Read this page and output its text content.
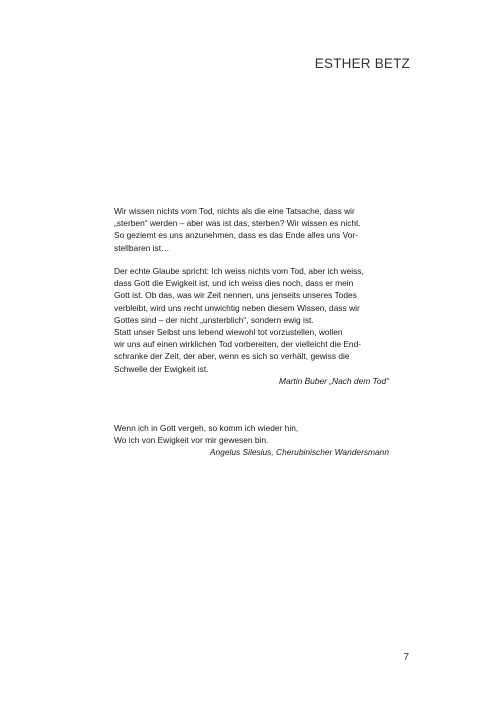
ESTHER BETZ
Wir wissen nichts vom Tod, nichts als die eine Tatsache, dass wir
„sterben“ werden – aber was ist das, sterben? Wir wissen es nicht.
So geziemt es uns anzunehmen, dass es das Ende alles uns Vor-
stellbaren ist…
Der echte Glaube spricht: Ich weiss nichts vom Tod, aber ich weiss,
dass Gott die Ewigkeit ist, und ich weiss dies noch, dass er mein
Gott ist. Ob das, was wir Zeit nennen, uns jenseits unseres Todes
verbleibt, wird uns recht unwichtig neben diesem Wissen, dass wir
Gottes sind – der nicht „unsterblich“, sondern ewig ist.
Statt unser Selbst uns lebend wiewohl tot vorzustellen, wollen
wir uns auf einen wirklichen Tod vorbereiten, der vielleicht die End-
schranke der Zeit, der aber, wenn es sich so verhält, gewiss die
Schwelle der Ewigkeit ist.
Martin Buber „Nach dem Tod“
Wenn ich in Gott vergeh, so komm ich wieder hin,
Wo ich von Ewigkeit vor mir gewesen bin.
Angelus Silesius, Cherubinischer Wandersmann
7
